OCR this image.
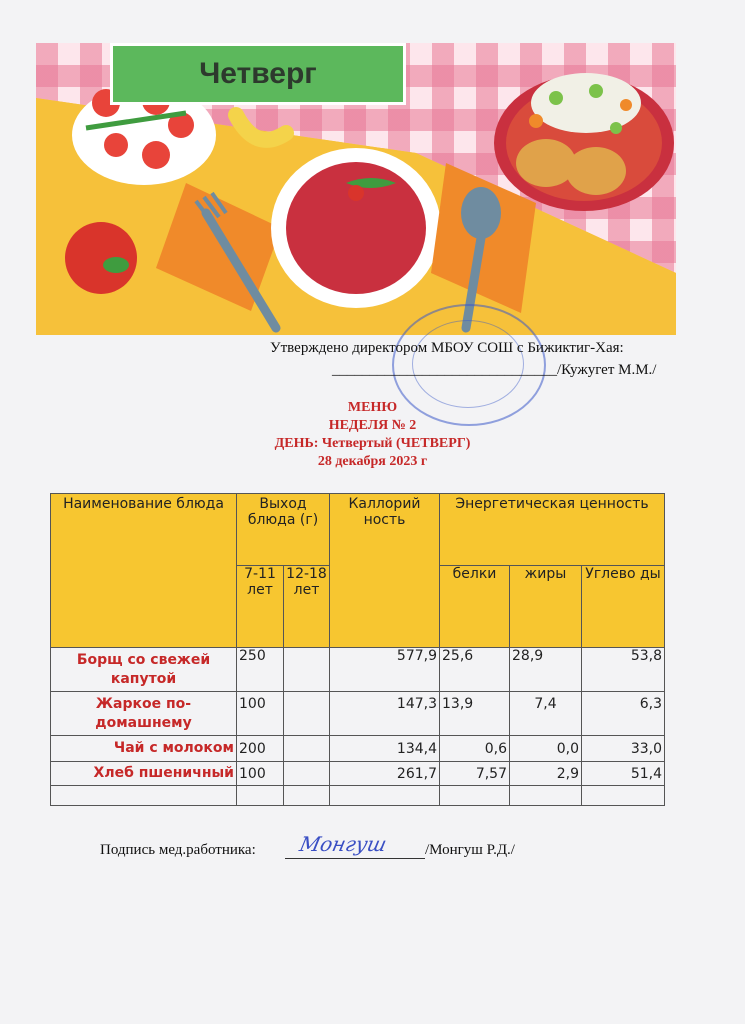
Четверг
Утверждено директором МБОУ СОШ с Бижиктиг-Хая:
______________________________/Кужугет М.М./
МЕНЮ
НЕДЕЛЯ № 2
ДЕНЬ: Четвертый (ЧЕТВЕРГ)
28 декабря 2023 г
Наименование блюда	Выход блюда (г)		Каллорий ность	Энергетическая ценность		
	7-11 лет	12-18 лет		белки	жиры	Углево ды
Борщ со свежей капутой	250		577,9	25,6	28,9	53,8
Жаркое по-домашнему	100		147,3	13,9	7,4	6,3
Чай с молоком	200		134,4	0,6	0,0	33,0
Хлеб пшеничный	100		261,7	7,57	2,9	51,4

Подпись мед.работника: Монгуш /Монгуш Р.Д./
